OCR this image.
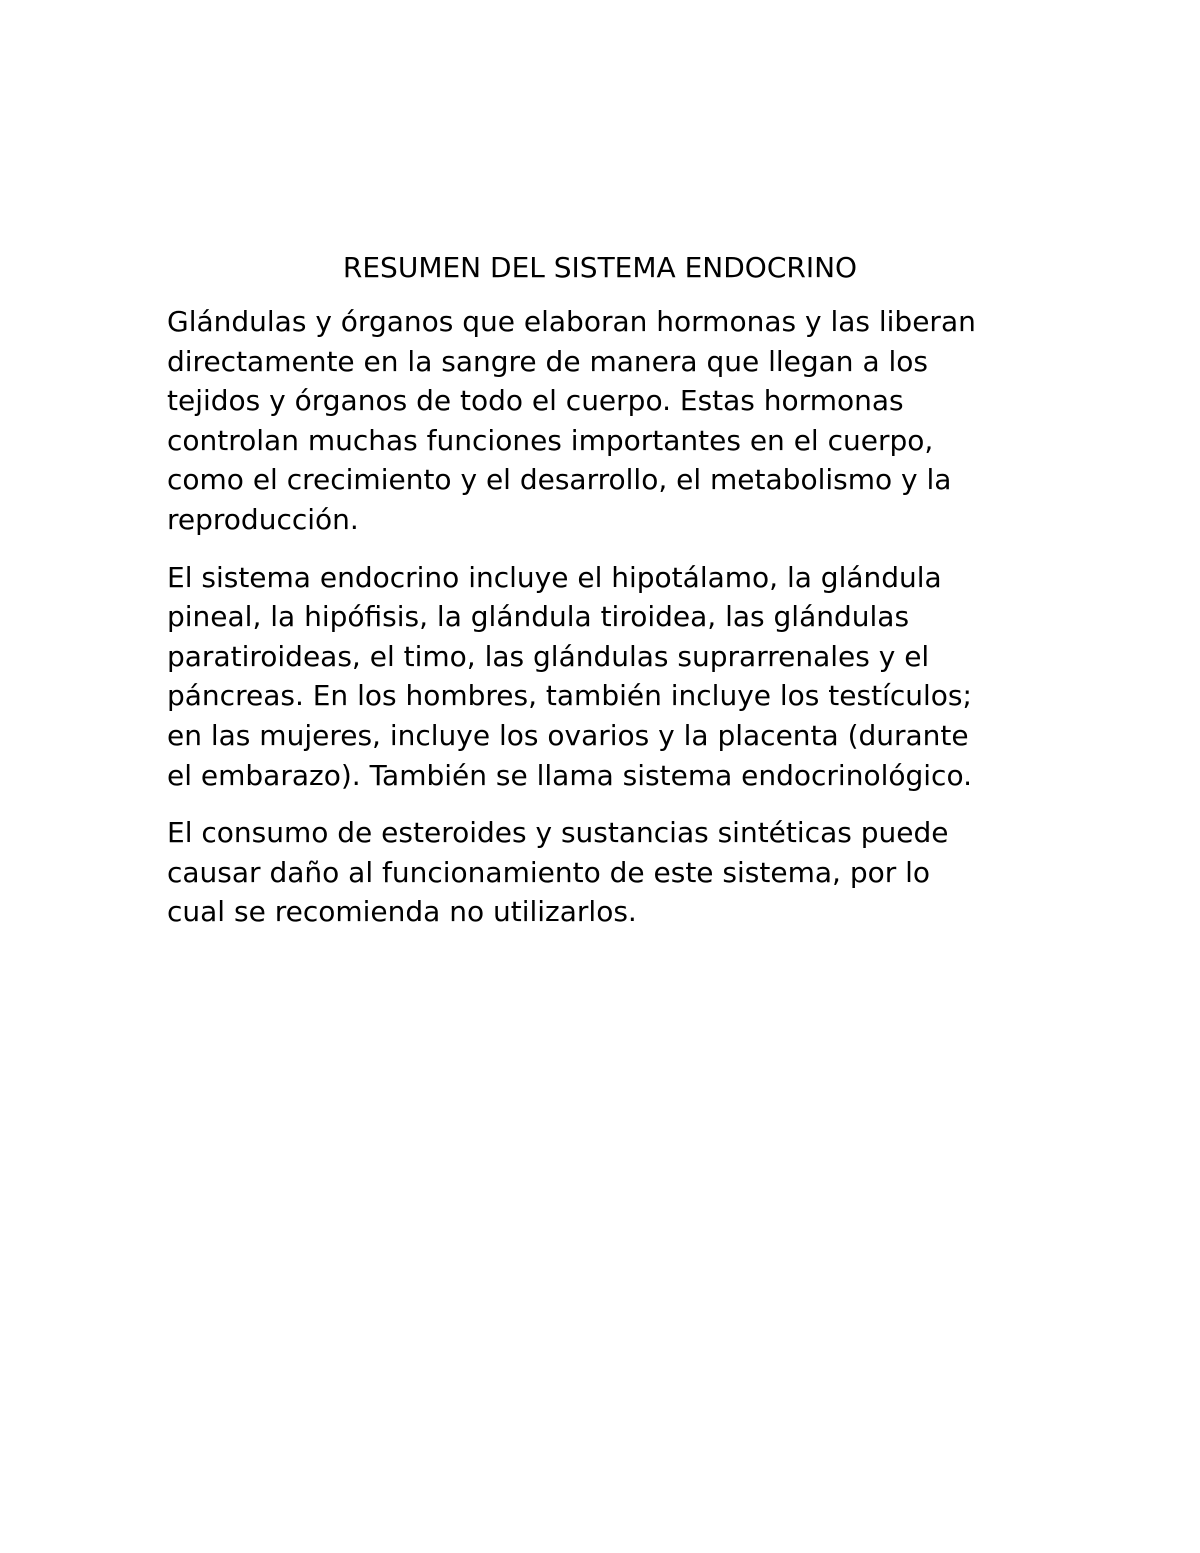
RESUMEN DEL SISTEMA ENDOCRINO

Glándulas y órganos que elaboran hormonas y las liberan
directamente en la sangre de manera que llegan a los
tejidos y órganos de todo el cuerpo. Estas hormonas
controlan muchas funciones importantes en el cuerpo,
como el crecimiento y el desarrollo, el metabolismo y la
reproducción.

El sistema endocrino incluye el hipotálamo, la glándula
pineal, la hipófisis, la glándula tiroidea, las glándulas
paratiroideas, el timo, las glándulas suprarrenales y el
páncreas. En los hombres, también incluye los testículos;
en las mujeres, incluye los ovarios y la placenta (durante
el embarazo). También se llama sistema endocrinológico.

El consumo de esteroides y sustancias sintéticas puede
causar daño al funcionamiento de este sistema, por lo
cual se recomienda no utilizarlos.
